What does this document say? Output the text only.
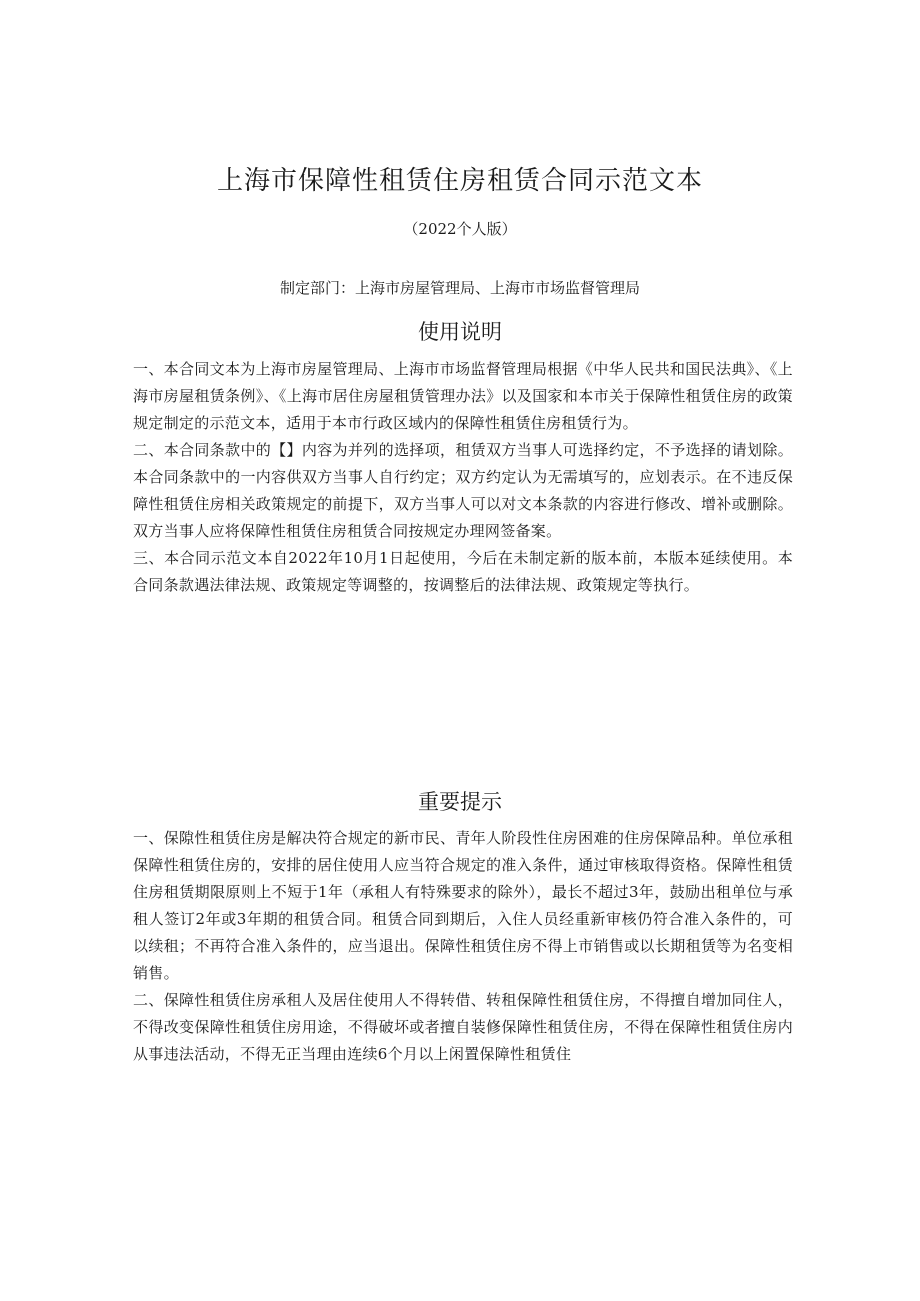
上海市保障性租赁住房租赁合同示范文本
（2022个人版）
制定部门：上海市房屋管理局、上海市市场监督管理局
使用说明

一、本合同文本为上海市房屋管理局、上海市市场监督管理局根据《中华人民共和国民法典》、《上海市房屋租赁条例》、《上海市居住房屋租赁管理办法》以及国家和本市关于保障性租赁住房的政策规定制定的示范文本，适用于本市行政区域内的保障性租赁住房租赁行为。

二、本合同条款中的【】内容为并列的选择项，租赁双方当事人可选择约定，不予选择的请划除。本合同条款中的一内容供双方当事人自行约定；双方约定认为无需填写的，应划表示。在不违反保障性租赁住房相关政策规定的前提下，双方当事人可以对文本条款的内容进行修改、增补或删除。双方当事人应将保障性租赁住房租赁合同按规定办理网签备案。

三、本合同示范文本自2022年10月1日起使用，今后在未制定新的版本前，本版本延续使用。本合同条款遇法律法规、政策规定等调整的，按调整后的法律法规、政策规定等执行。

重要提示

一、保隙性租赁住房是解决符合规定的新市民、青年人阶段性住房困难的住房保障品种。单位承租保障性租赁住房的，安排的居住使用人应当符合规定的准入条件，通过审核取得资格。保障性租赁住房租赁期限原则上不短于1年（承租人有特殊要求的除外），最长不超过3年，鼓励出租单位与承租人签订2年或3年期的租赁合同。租赁合同到期后，入住人员经重新审核仍符合准入条件的，可以续租；不再符合准入条件的，应当退出。保障性租赁住房不得上市销售或以长期租赁等为名变相销售。

二、保障性租赁住房承租人及居住使用人不得转借、转租保障性租赁住房，不得擅自增加同住人，不得改变保障性租赁住房用途，不得破坏或者擅自装修保障性租赁住房，不得在保障性租赁住房内从事违法活动，不得无正当理由连续6个月以上闲置保障性租赁住
